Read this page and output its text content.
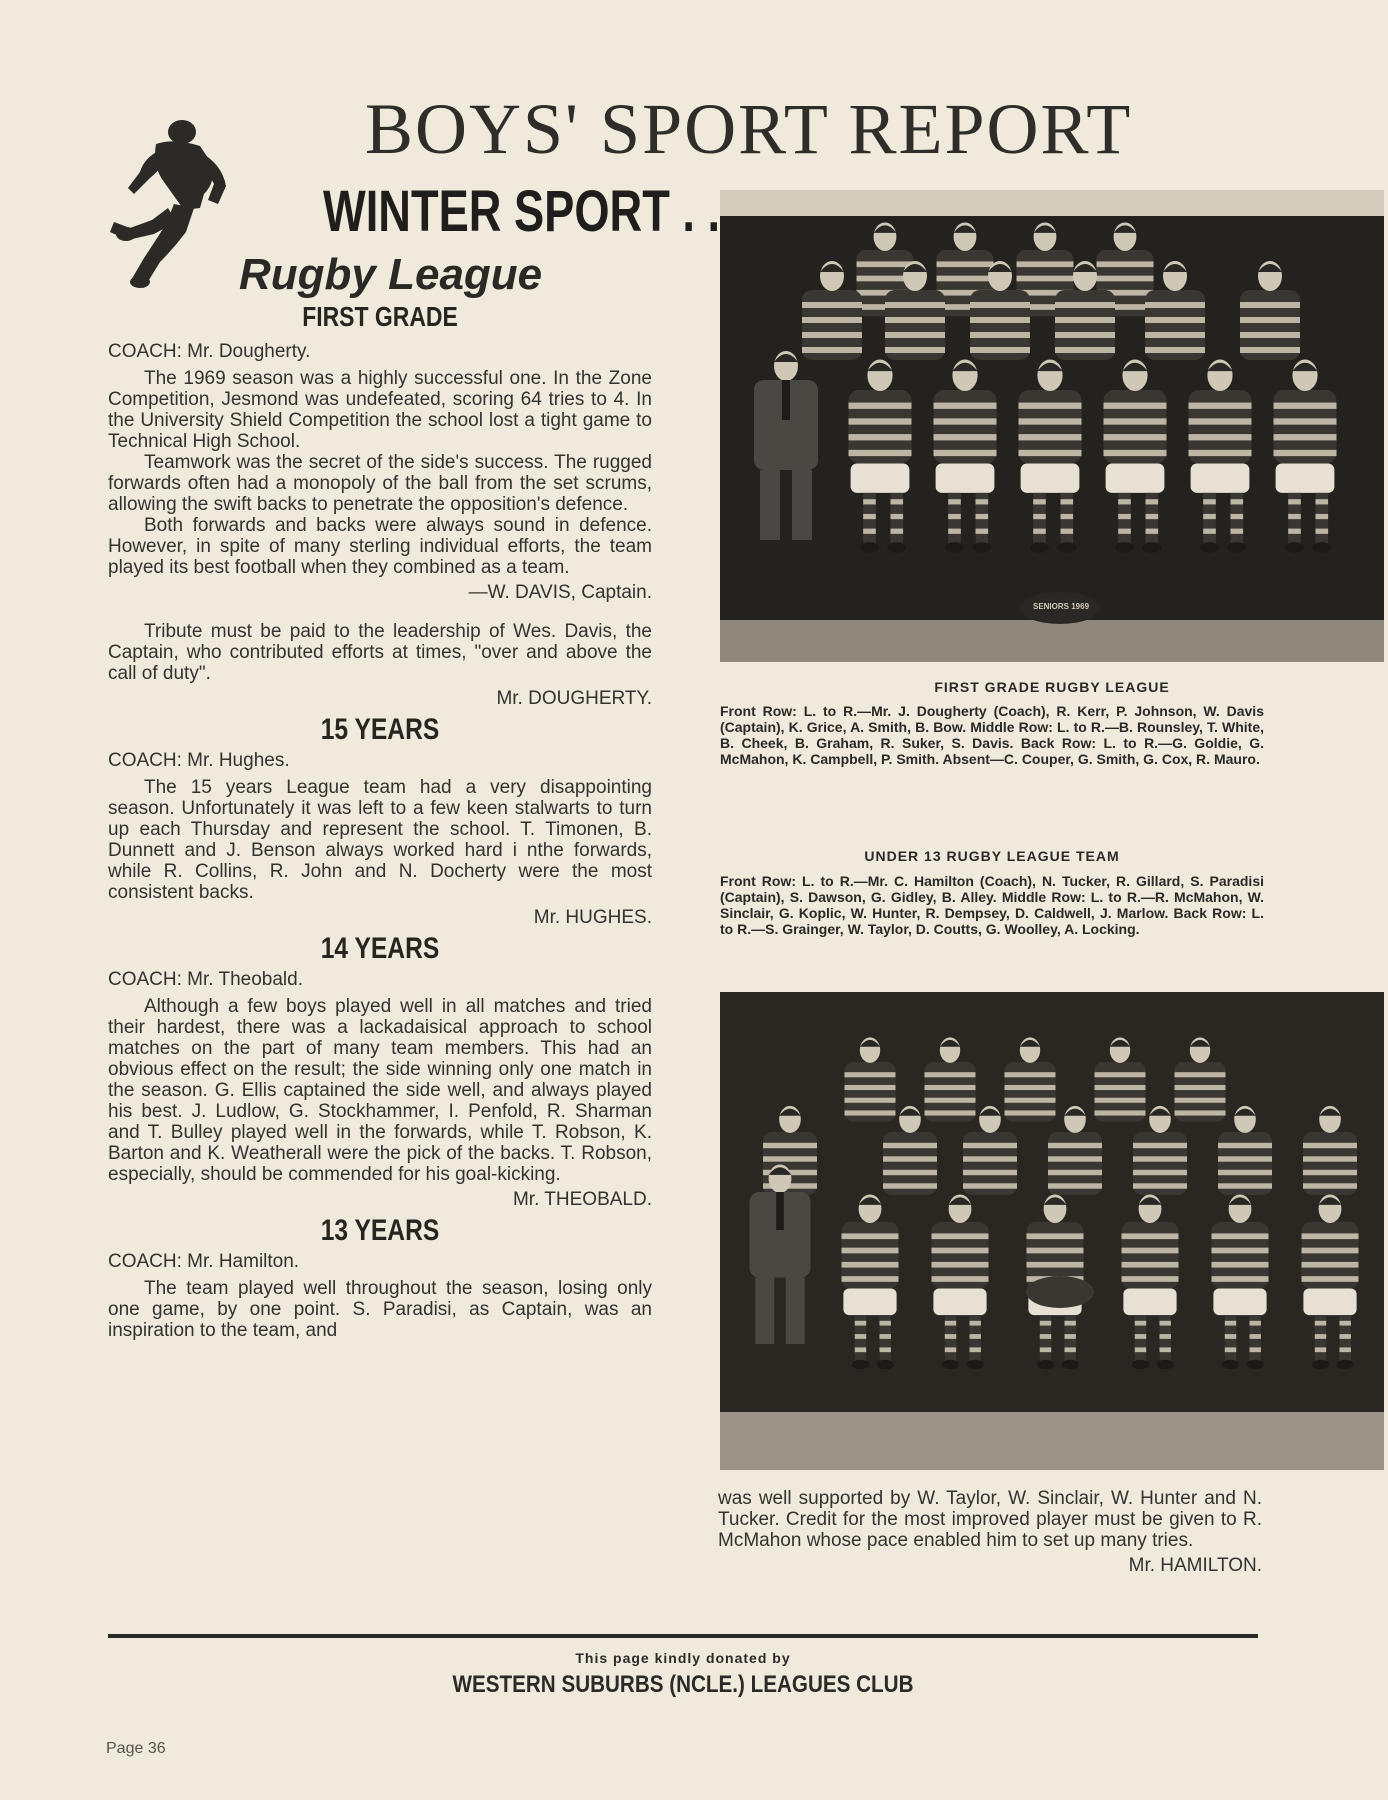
BOYS' SPORT REPORT
WINTER SPORT . .
Rugby League
FIRST GRADE
COACH: Mr. Dougherty.

The 1969 season was a highly successful one. In the Zone Competition, Jesmond was undefeated, scoring 64 tries to 4. In the University Shield Competition the school lost a tight game to Technical High School.

Teamwork was the secret of the side's success. The rugged forwards often had a monopoly of the ball from the set scrums, allowing the swift backs to penetrate the opposition's defence.

Both forwards and backs were always sound in defence. However, in spite of many sterling individual efforts, the team played its best football when they combined as a team.

—W. DAVIS, Captain.

Tribute must be paid to the leadership of Wes. Davis, the Captain, who contributed efforts at times, "over and above the call of duty".

Mr. DOUGHERTY.
15 YEARS
COACH: Mr. Hughes.

The 15 years League team had a very disappointing season. Unfortunately it was left to a few keen stalwarts to turn up each Thursday and represent the school. T. Timonen, B. Dunnett and J. Benson always worked hard i nthe forwards, while R. Collins, R. John and N. Docherty were the most consistent backs.

Mr. HUGHES.
14 YEARS
COACH: Mr. Theobald.

Although a few boys played well in all matches and tried their hardest, there was a lackadaisical approach to school matches on the part of many team members. This had an obvious effect on the result; the side winning only one match in the season. G. Ellis captained the side well, and always played his best. J. Ludlow, G. Stockhammer, I. Penfold, R. Sharman and T. Bulley played well in the forwards, while T. Robson, K. Barton and K. Weatherall were the pick of the backs. T. Robson, especially, should be commended for his goal-kicking.

Mr. THEOBALD.
13 YEARS
COACH: Mr. Hamilton.

The team played well throughout the season, losing only one game, by one point. S. Paradisi, as Captain, was an inspiration to the team, and

SENIORS 1969
FIRST GRADE RUGBY LEAGUE
Front Row: L. to R.—Mr. J. Dougherty (Coach), R. Kerr, P. Johnson, W. Davis (Captain), K. Grice, A. Smith, B. Bow. Middle Row: L. to R.—B. Rounsley, T. White, B. Cheek, B. Graham, R. Suker, S. Davis. Back Row: L. to R.—G. Goldie, G. McMahon, K. Campbell, P. Smith. Absent—C. Couper, G. Smith, G. Cox, R. Mauro.
UNDER 13 RUGBY LEAGUE TEAM
Front Row: L. to R.—Mr. C. Hamilton (Coach), N. Tucker, R. Gillard, S. Paradisi (Captain), S. Dawson, G. Gidley, B. Alley. Middle Row: L. to R.—R. McMahon, W. Sinclair, G. Koplic, W. Hunter, R. Dempsey, D. Caldwell, J. Marlow. Back Row: L. to R.—S. Grainger, W. Taylor, D. Coutts, G. Woolley, A. Locking.

was well supported by W. Taylor, W. Sinclair, W. Hunter and N. Tucker. Credit for the most improved player must be given to R. McMahon whose pace enabled him to set up many tries.

Mr. HAMILTON.
This page kindly donated by
WESTERN SUBURBS (NCLE.) LEAGUES CLUB
Page 36
